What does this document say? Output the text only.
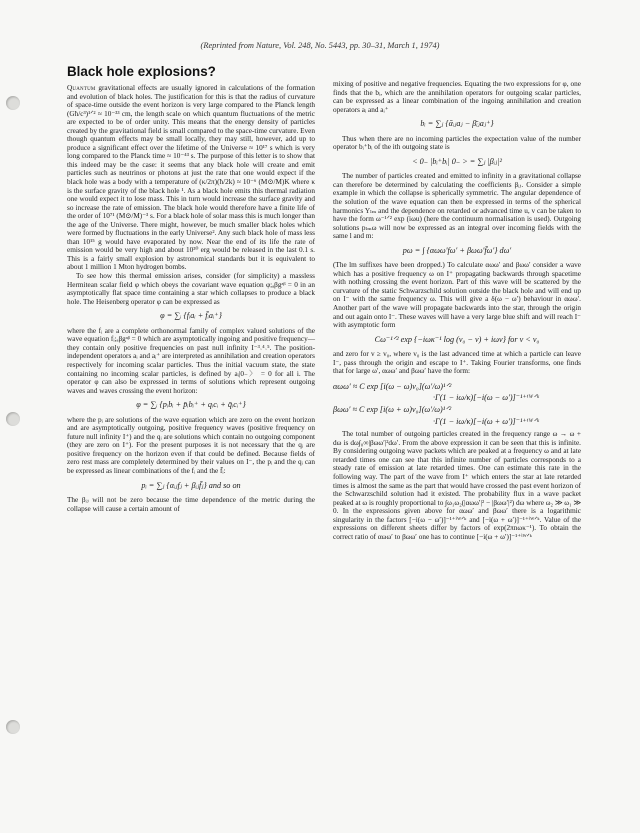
(Reprinted from Nature, Vol. 248, No. 5443, pp. 30–31, March 1, 1974)
Black hole explosions?

Quantum gravitational effects are usually ignored in calculations of the formation and evolution of black holes. The justification for this is that the radius of curvature of space-time outside the event horizon is very large compared to the Planck length (Għ/c³)¹ᐟ² ≈ 10⁻³³ cm, the length scale on which quantum fluctuations of the metric are expected to be of order unity. This means that the energy density of particles created by the gravitational field is small compared to the space-time curvature. Even though quantum effects may be small locally, they may still, however, add up to produce a significant effect over the lifetime of the Universe ≈ 10¹⁷ s which is very long compared to the Planck time ≈ 10⁻⁴³ s. The purpose of this letter is to show that this indeed may be the case: it seems that any black hole will create and emit particles such as neutrinos or photons at just the rate that one would expect if the black hole was a body with a temperature of (κ/2π)(ħ/2k) ≈ 10⁻⁶ (M⊙/M)K where κ is the surface gravity of the black hole ¹. As a black hole emits this thermal radiation one would expect it to lose mass. This in turn would increase the surface gravity and so increase the rate of emission. The black hole would therefore have a finite life of the order of 10⁷¹ (M⊙/M)⁻³ s. For a black hole of solar mass this is much longer than the age of the Universe. There might, however, be much smaller black holes which were formed by fluctuations in the early Universe². Any such black hole of mass less than 10¹⁵ g would have evaporated by now. Near the end of its life the rate of emission would be very high and about 10³⁰ erg would be released in the last 0.1 s. This is a fairly small explosion by astronomical standards but it is equivalent to about 1 million 1 Mton hydrogen bombs.

To see how this thermal emission arises, consider (for simplicity) a massless Hermitean scalar field φ which obeys the covariant wave equation φ;ₐβgᵃᵝ = 0 in an asymptotically flat space time containing a star which collapses to produce a black hole. The Heisenberg operator φ can be expressed as

φ = ∑ᵢ {fᵢaᵢ + f̄ᵢaᵢ⁺}

where the fᵢ are a complete orthonormal family of complex valued solutions of the wave equation fᵢ;ₐβgᵃᵝ = 0 which are asymptotically ingoing and positive frequency—they contain only positive frequencies on past null infinity I⁻³˒⁴˒⁵. The position-independent operators aᵢ and aᵢ⁺ are interpreted as annihilation and creation operators respectively for incoming scalar particles. Thus the initial vacuum state, the state containing no incoming scalar particles, is defined by aᵢ|0₋〉 = 0 for all i. The operator φ can also be expressed in terms of solutions which represent outgoing waves and waves crossing the event horizon:

φ = ∑ᵢ {pᵢbᵢ + p̄ᵢbᵢ⁺ + qᵢcᵢ + q̄ᵢcᵢ⁺}

where the pᵢ are solutions of the wave equation which are zero on the event horizon and are asymptotically outgoing, positive frequency waves (positive frequency on future null infinity I⁺) and the qᵢ are solutions which contain no outgoing component (they are zero on I⁺). For the present purposes it is not necessary that the qᵢ are positive frequency on the horizon even if that could be defined. Because fields of zero rest mass are completely determined by their values on I⁻, the pᵢ and the qᵢ can be expressed as linear combinations of the fᵢ and the f̄ᵢ:

pᵢ = ∑ⱼ {αᵢⱼfⱼ + βᵢⱼf̄ⱼ} and so on

The βᵢⱼ will not be zero because the time dependence of the metric during the collapse will cause a certain amount of

mixing of positive and negative frequencies. Equating the two expressions for φ, one finds that the bᵢ, which are the annihilation operators for outgoing scalar particles, can be expressed as a linear combination of the ingoing annihilation and creation operators aᵢ and aᵢ⁺

bᵢ = ∑ⱼ {ᾱᵢⱼaⱼ − β̄ᵢⱼaⱼ⁺}

Thus when there are no incoming particles the expectation value of the number operator bᵢ⁺bᵢ of the ith outgoing state is

< 0₋ |bᵢ⁺bᵢ| 0₋ > = ∑ⱼ |βᵢⱼ|²

The number of particles created and emitted to infinity in a gravitational collapse can therefore be determined by calculating the coefficients βᵢⱼ. Consider a simple example in which the collapse is spherically symmetric. The angular dependence of the solution of the wave equation can then be expressed in terms of the spherical harmonics Yₗₘ and the dependence on retarded or advanced time u, v can be taken to have the form ω⁻¹ᐟ² exp (iωu) (here the continuum normalisation is used). Outgoing solutions pₗₘω will now be expressed as an integral over incoming fields with the same l and m:

pω = ∫ {αωω′fω′ + βωω′f̄ω′} dω′

(The lm suffixes have been dropped.) To calculate αωω′ and βωω′ consider a wave which has a positive frequency ω on I⁺ propagating backwards through spacetime with nothing crossing the event horizon. Part of this wave will be scattered by the curvature of the static Schwarzschild solution outside the black hole and will end up on I⁻ with the same frequency ω. This will give a δ(ω − ω′) behaviour in αωω′. Another part of the wave will propagate backwards into the star, through the origin and out again onto I⁻. These waves will have a very large blue shift and will reach I⁻ with asymptotic form

Cω⁻¹ᐟ² exp {−iωκ⁻¹ log (v₀ − v) + iωv} for v < v₀

and zero for v ≥ v₀, where v₀ is the last advanced time at which a particle can leave I⁻, pass through the origin and escape to I⁺. Taking Fourier transforms, one finds that for large ω′, αωω′ and βωω′ have the form:

αωω′ ≈ C exp [i(ω − ω)v₀](ω′/ω)¹ᐟ²
·Γ(1 − iω/κ)[−i(ω − ω′)]⁻¹⁺ⁱᵂᐟᵏ
βωω′ ≈ C exp [i(ω + ω)v₀](ω′/ω)¹ᐟ²
·Γ(1 − iω/κ)[−i(ω + ω′)]⁻¹⁺ⁱᵂᐟᵏ

The total number of outgoing particles created in the frequency range ω → ω + dω is dω∫₀∞|βωω′|²dω′. From the above expression it can be seen that this is infinite. By considering outgoing wave packets which are peaked at a frequency ω and at late retarded times one can see that this infinite number of particles corresponds to a steady rate of emission at late retarded times. One can estimate this rate in the following way. The part of the wave from I⁺ which enters the star at late retarded times is almost the same as the part that would have crossed the past event horizon of the Schwarzschild solution had it existed. The probability flux in a wave packet peaked at ω is roughly proportional to ∫ω₁ω₂(|αωω′|² − |βωω′|²) dω where ω₂ ≫ ω₁ ≫ 0. In the expressions given above for αωω′ and βωω′ there is a logarithmic singularity in the factors [−i(ω − ω′)]⁻¹⁺ⁱᵂᐟᵏ and [−i(ω + ω′)]⁻¹⁺ⁱᵂᐟᵏ. Value of the expressions on different sheets differ by factors of exp(2πnωκ⁻¹). To obtain the correct ratio of αωω′ to βωω′ one has to continue [−i(ω + ω′)]⁻¹⁺ⁱᵂᐟᵏ
